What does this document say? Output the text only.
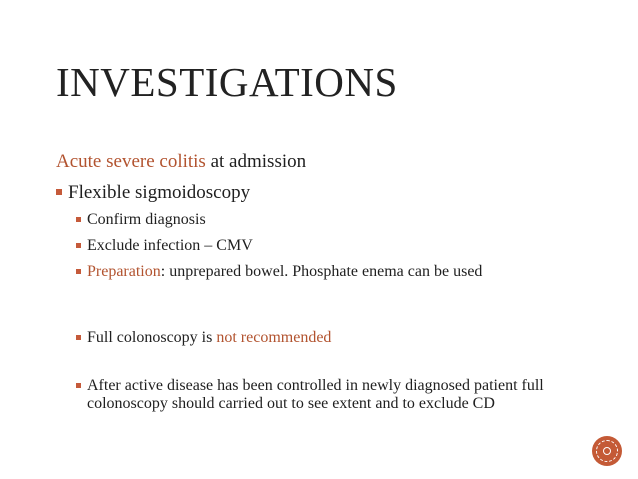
INVESTIGATIONS

Acute severe colitis at admission

Flexible sigmoidoscopy
Confirm diagnosis
Exclude infection – CMV
Preparation: unprepared bowel. Phosphate enema can be used
Full colonoscopy is not recommended
After active disease has been controlled in newly diagnosed patient full colonoscopy should carried out to see extent and to exclude CD
